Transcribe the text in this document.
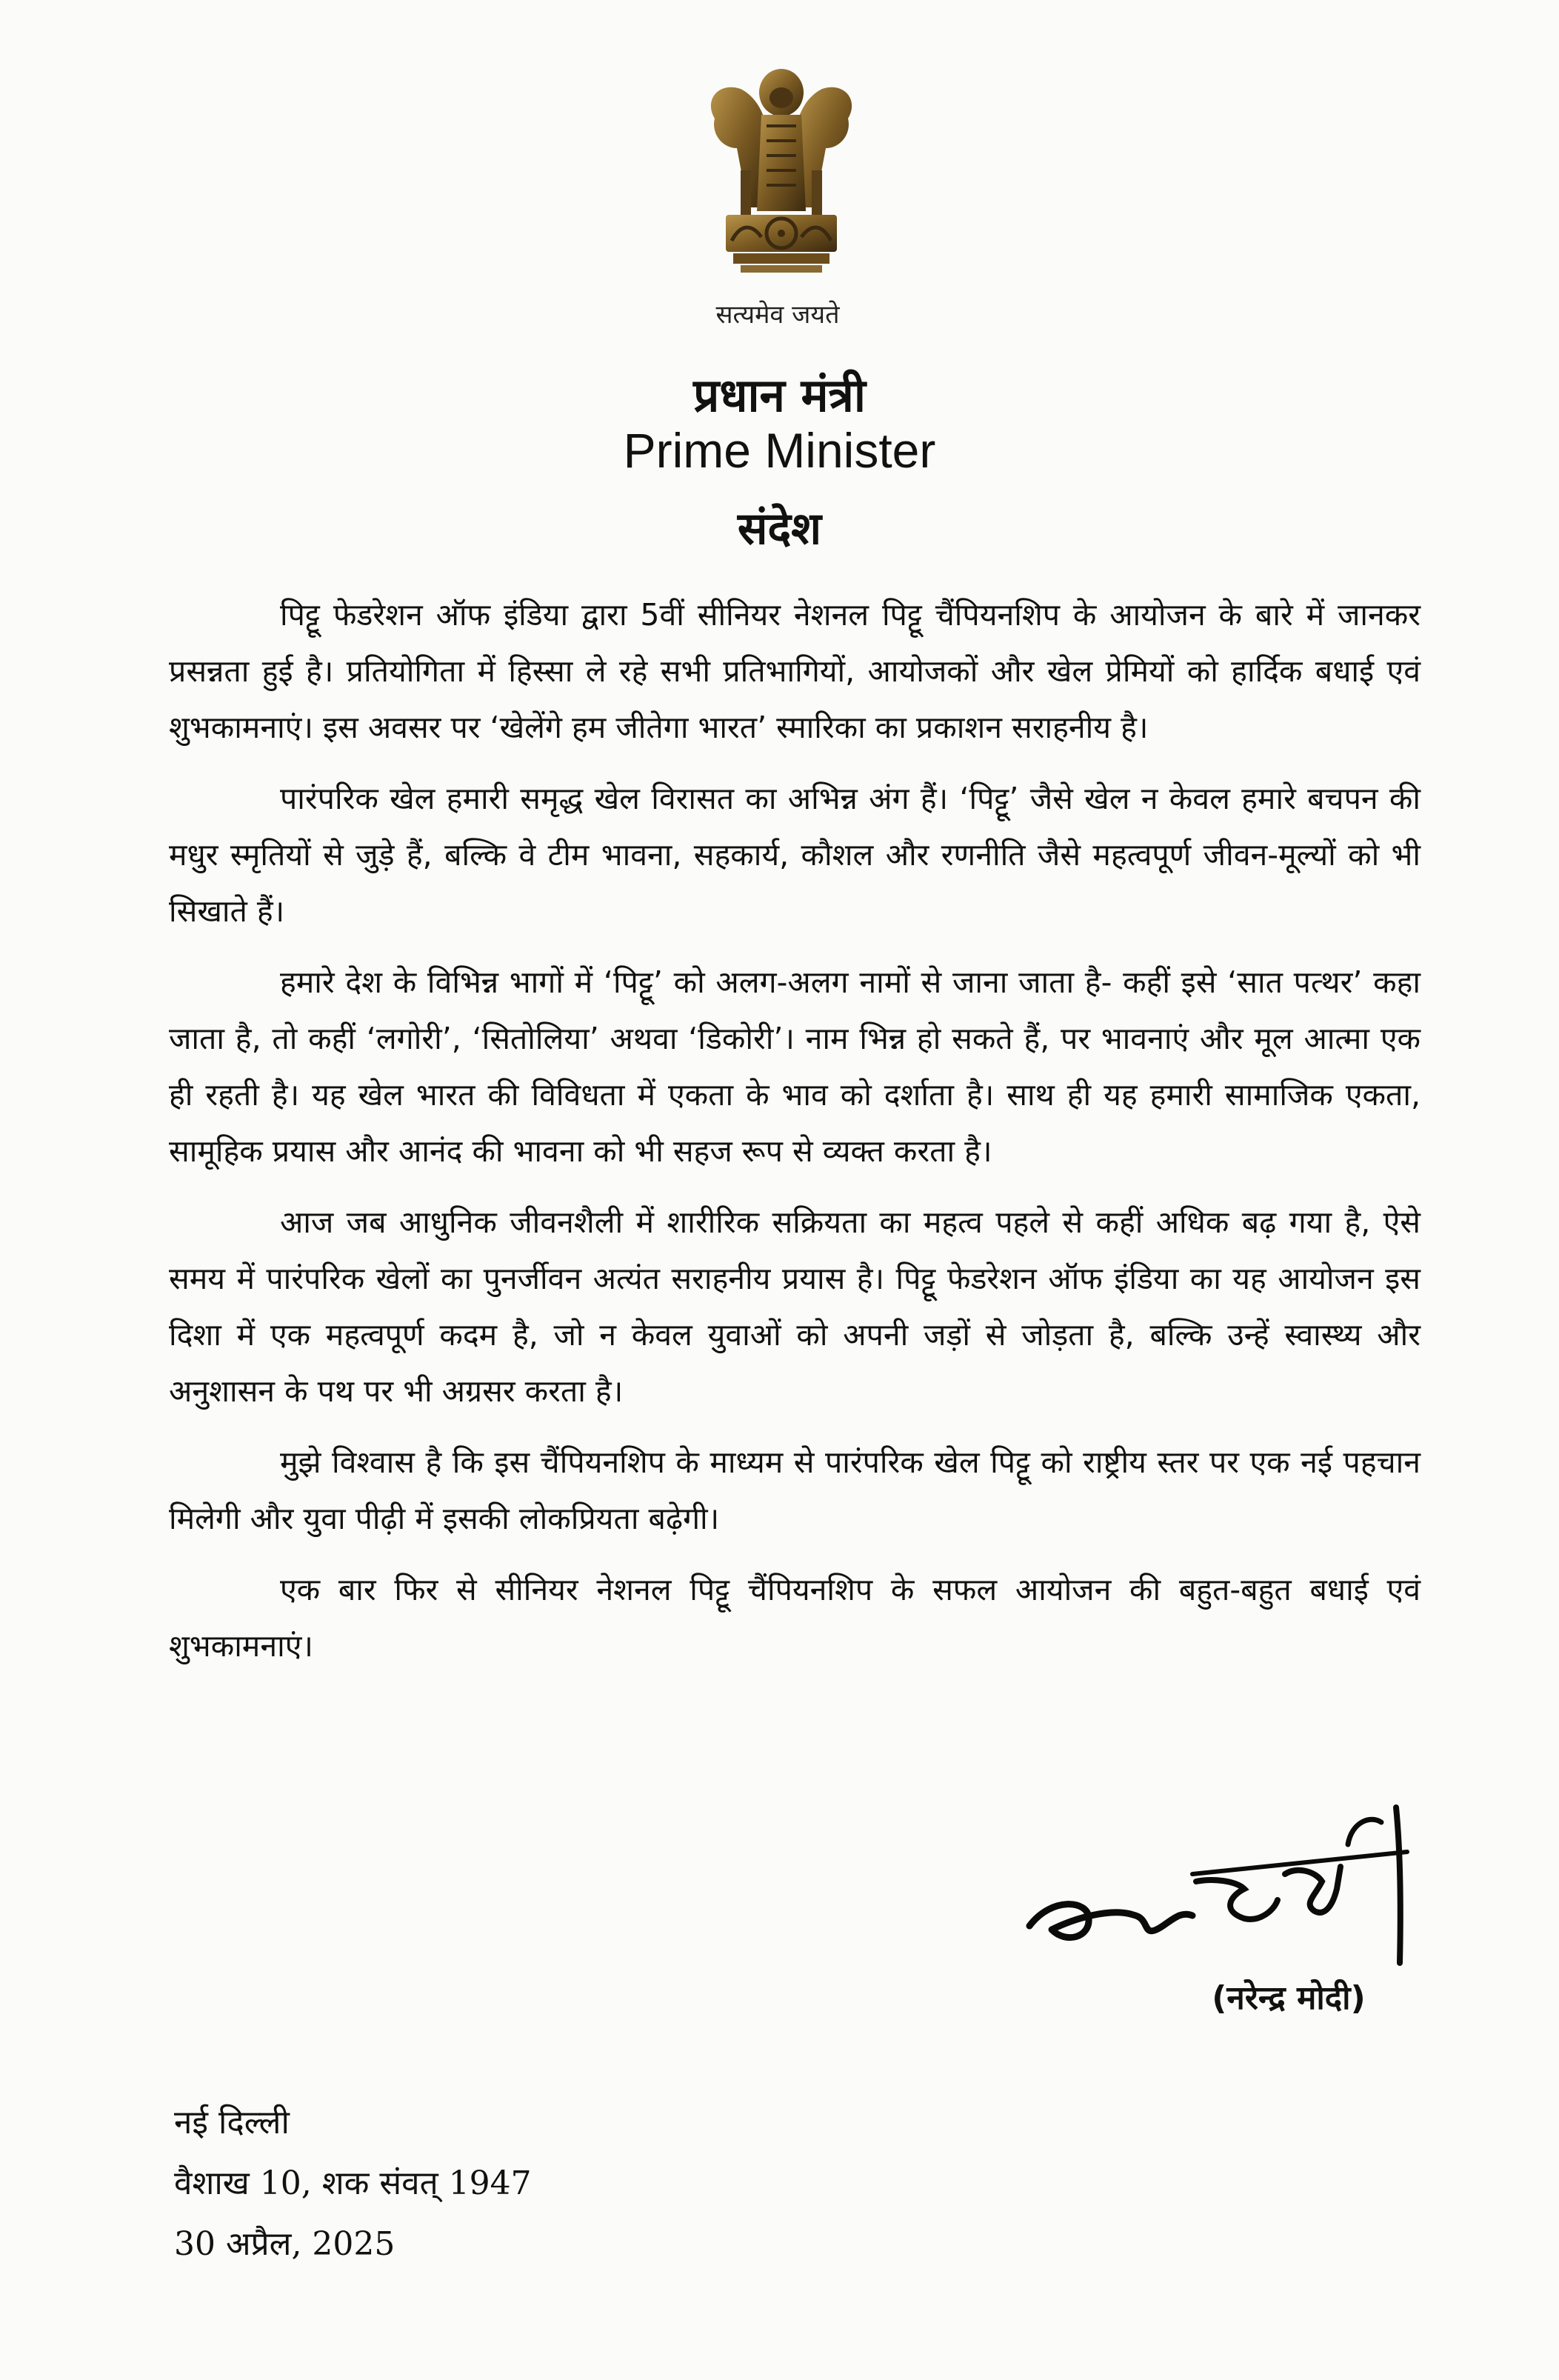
सत्यमेव जयते
प्रधान मंत्री
Prime Minister
संदेश

पिट्टू फेडरेशन ऑफ इंडिया द्वारा 5वीं सीनियर नेशनल पिट्टू चैंपियनशिप के आयोजन के बारे में जानकर प्रसन्नता हुई है। प्रतियोगिता में हिस्सा ले रहे सभी प्रतिभागियों, आयोजकों और खेल प्रेमियों को हार्दिक बधाई एवं शुभकामनाएं। इस अवसर पर ‘खेलेंगे हम जीतेगा भारत’ स्मारिका का प्रकाशन सराहनीय है।

पारंपरिक खेल हमारी समृद्ध खेल विरासत का अभिन्न अंग हैं। ‘पिट्टू’ जैसे खेल न केवल हमारे बचपन की मधुर स्मृतियों से जुड़े हैं, बल्कि वे टीम भावना, सहकार्य, कौशल और रणनीति जैसे महत्वपूर्ण जीवन-मूल्यों को भी सिखाते हैं।

हमारे देश के विभिन्न भागों में ‘पिट्टू’ को अलग-अलग नामों से जाना जाता है- कहीं इसे ‘सात पत्थर’ कहा जाता है, तो कहीं ‘लगोरी’, ‘सितोलिया’ अथवा ‘डिकोरी’। नाम भिन्न हो सकते हैं, पर भावनाएं और मूल आत्मा एक ही रहती है। यह खेल भारत की विविधता में एकता के भाव को दर्शाता है। साथ ही यह हमारी सामाजिक एकता, सामूहिक प्रयास और आनंद की भावना को भी सहज रूप से व्यक्त करता है।

आज जब आधुनिक जीवनशैली में शारीरिक सक्रियता का महत्व पहले से कहीं अधिक बढ़ गया है, ऐसे समय में पारंपरिक खेलों का पुनर्जीवन अत्यंत सराहनीय प्रयास है। पिट्टू फेडरेशन ऑफ इंडिया का यह आयोजन इस दिशा में एक महत्वपूर्ण कदम है, जो न केवल युवाओं को अपनी जड़ों से जोड़ता है, बल्कि उन्हें स्वास्थ्य और अनुशासन के पथ पर भी अग्रसर करता है।

मुझे विश्वास है कि इस चैंपियनशिप के माध्यम से पारंपरिक खेल पिट्टू को राष्ट्रीय स्तर पर एक नई पहचान मिलेगी और युवा पीढ़ी में इसकी लोकप्रियता बढ़ेगी।

एक बार फिर से सीनियर नेशनल पिट्टू चैंपियनशिप के सफल आयोजन की बहुत-बहुत बधाई एवं शुभकामनाएं।

(नरेन्द्र मोदी)
नई दिल्ली
वैशाख 10, शक संवत् 1947
30 अप्रैल, 2025
